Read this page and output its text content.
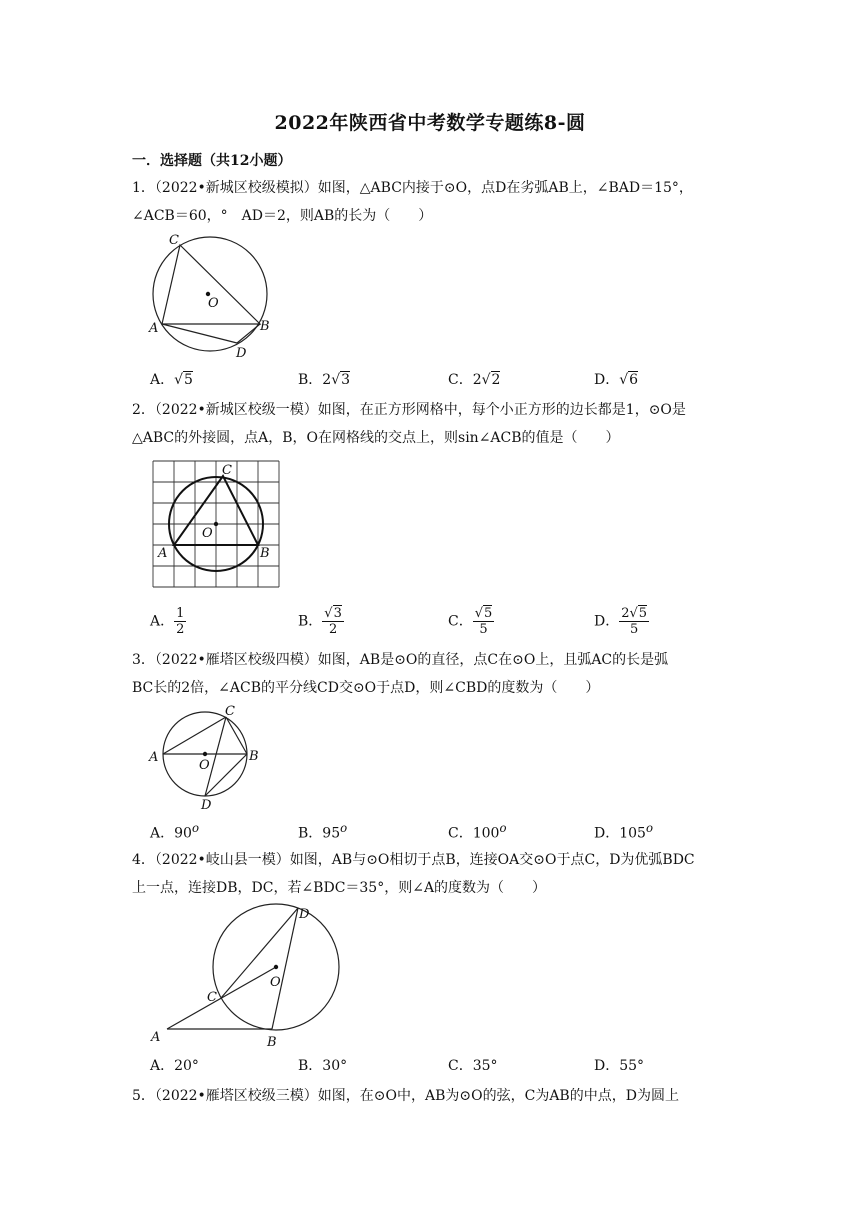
2022年陕西省中考数学专题练8-圆
一．选择题（共12小题）
1．（2022•新城区校级模拟）如图，△ABC内接于⊙O，点D在劣弧AB上，∠BAD＝15°，
∠ACB＝60，°　AD＝2，则AB的长为（　　）
C
O
A	B
D
A．√5	B．2√3	C．2√2	D．√6
2．（2022•新城区校级一模）如图，在正方形网格中，每个小正方形的边长都是1，⊙O是
△ABC的外接圆，点A，B，O在网格线的交点上，则sin∠ACB的值是（　　）
C
O
A	B
A． $\frac{1}{2}$	B． $\frac{√3}{2}$	C． $\frac{√5}{5}$	D． $\frac{2√5}{5}$
3．（2022•雁塔区校级四模）如图，AB是⊙O的直径，点C在⊙O上，且弧AC的长是弧
BC长的2倍，∠ACB的平分线CD交⊙O于点D，则∠CBD的度数为（　　）
C
A
O
B
D
A．90$^o$	B．95$^o$	C．100$^o$	D．105$^o$
4．（2022•岐山县一模）如图，AB与⊙O相切于点B，连接OA交⊙O于点C，D为优弧BDC
上一点，连接DB，DC，若∠BDC＝35°，则∠A的度数为（　　）
D
O
C
A	B
A．20°	B．30°	C．35°	D．55°
5．（2022•雁塔区校级三模）如图，在⊙O中，AB为⊙O的弦，C为AB的中点，D为圆上
